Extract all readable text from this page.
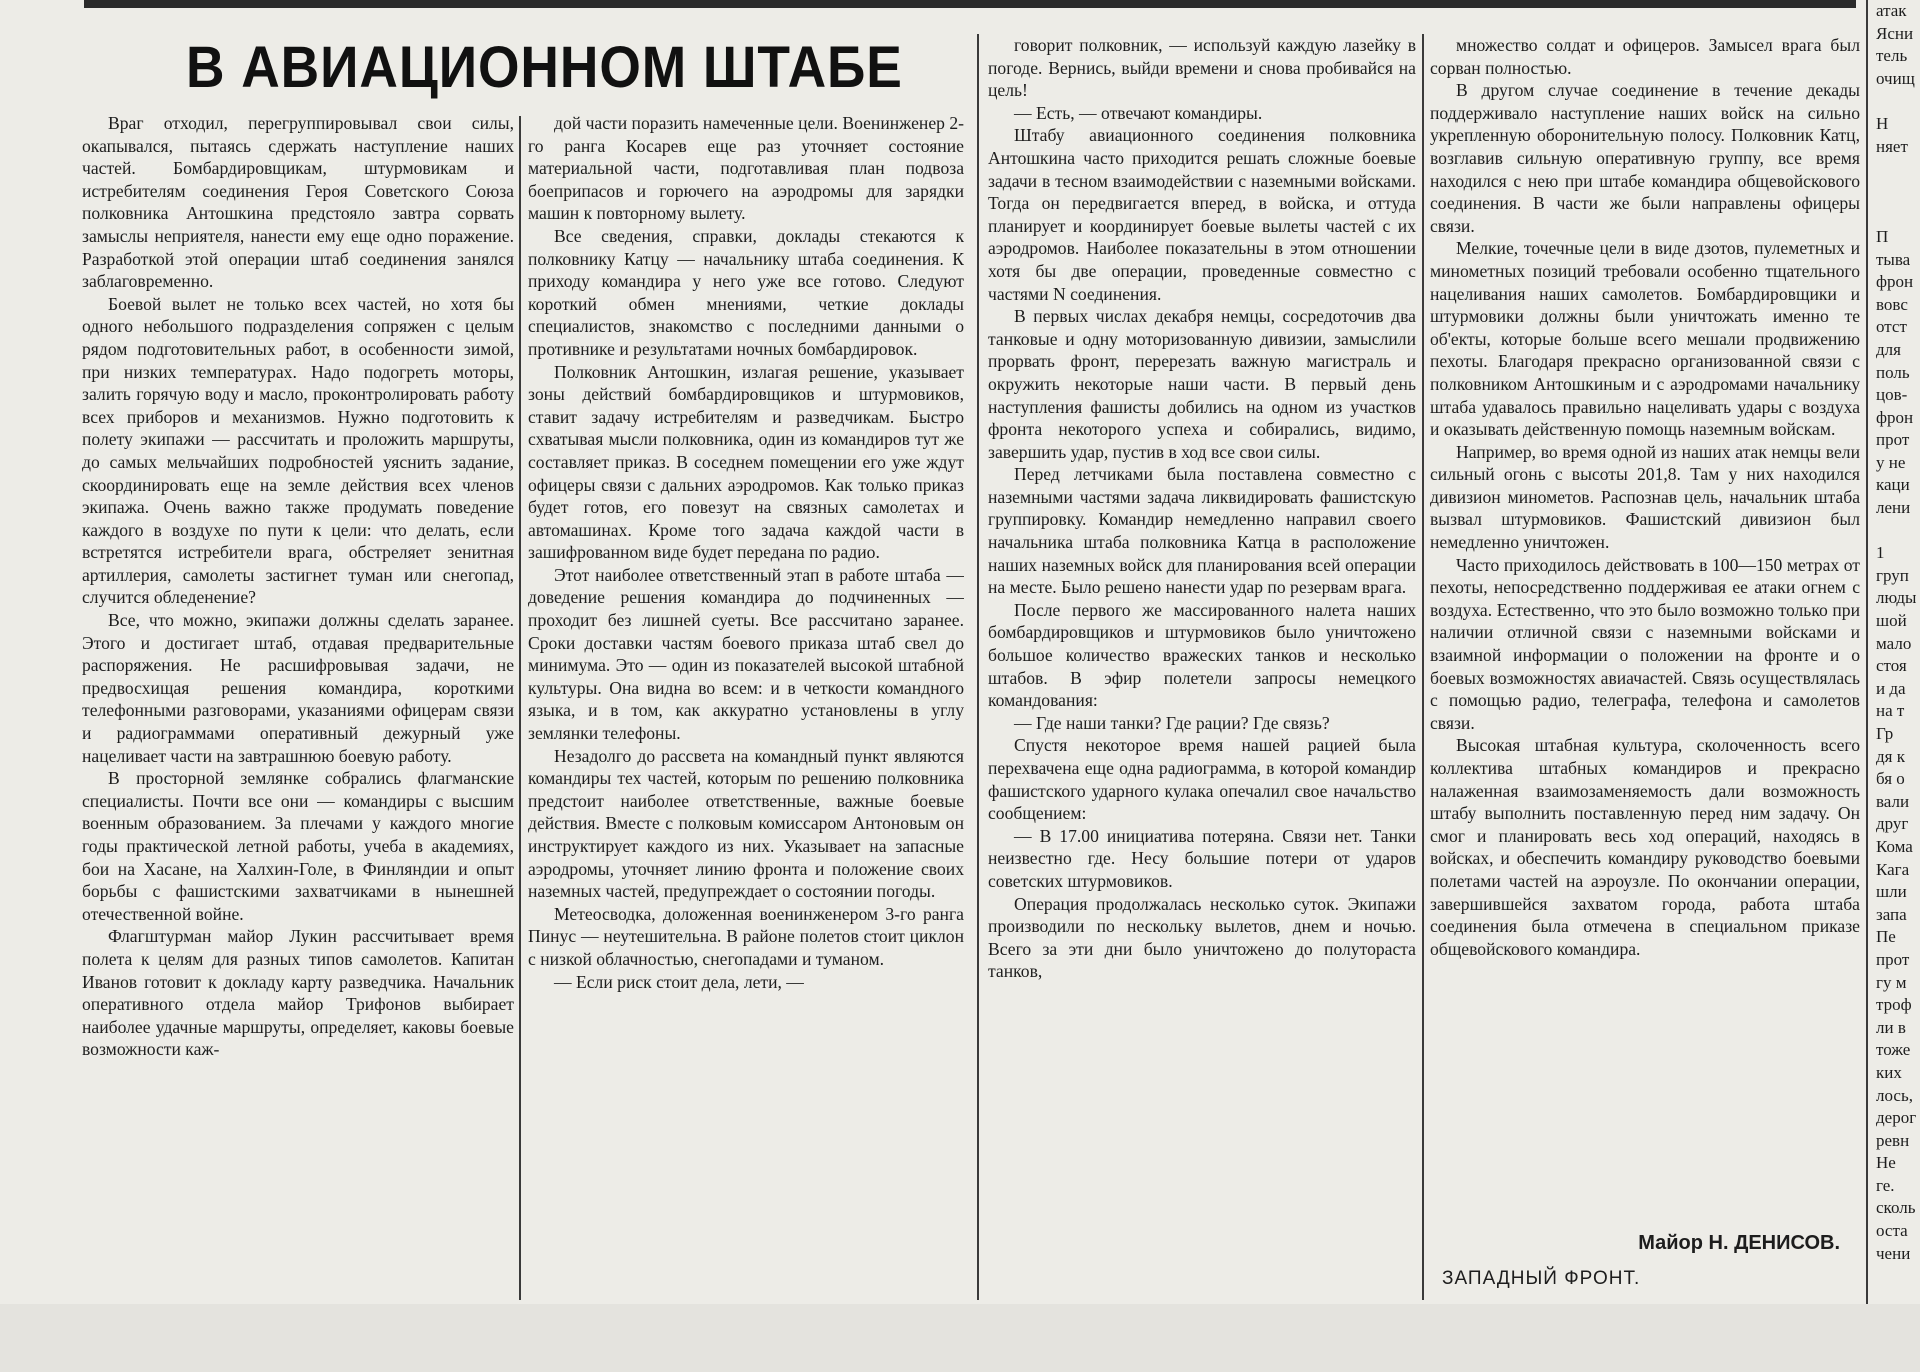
В АВИАЦИОННОМ ШТАБЕ

Враг отходил, перегруппировывал свои силы, окапывался, пытаясь сдержать наступление наших частей. Бомбардировщикам, штурмовикам и истребителям соединения Героя Советского Союза полковника Антошкина предстояло завтра сорвать замыслы неприятеля, нанести ему еще одно поражение. Разработкой этой операции штаб соединения занялся заблаговременно.

Боевой вылет не только всех частей, но хотя бы одного небольшого подразделения сопряжен с целым рядом подготовительных работ, в особенности зимой, при низких температурах. Надо подогреть моторы, залить горячую воду и масло, проконтролировать работу всех приборов и механизмов. Нужно подготовить к полету экипажи — рассчитать и проложить маршруты, до самых мельчайших подробностей уяснить задание, скоординировать еще на земле действия всех членов экипажа. Очень важно также продумать поведение каждого в воздухе по пути к цели: что делать, если встретятся истребители врага, обстреляет зенитная артиллерия, самолеты застигнет туман или снегопад, случится обледенение?

Все, что можно, экипажи должны сделать заранее. Этого и достигает штаб, отдавая предварительные распоряжения. Не расшифровывая задачи, не предвосхищая решения командира, короткими телефонными разговорами, указаниями офицерам связи и радиограммами оперативный дежурный уже нацеливает части на завтрашнюю боевую работу.

В просторной землянке собрались флагманские специалисты. Почти все они — командиры с высшим военным образованием. За плечами у каждого многие годы практической летной работы, учеба в академиях, бои на Хасане, на Халхин-Голе, в Финляндии и опыт борьбы с фашистскими захватчиками в нынешней отечественной войне.

Флагштурман майор Лукин рассчитывает время полета к целям для разных типов самолетов. Капитан Иванов готовит к докладу карту разведчика. Начальник оперативного отдела майор Трифонов выбирает наиболее удачные маршруты, определяет, каковы боевые возможности каж-

дой части поразить намеченные цели. Военинженер 2-го ранга Косарев еще раз уточняет состояние материальной части, подготавливая план подвоза боеприпасов и горючего на аэродромы для зарядки машин к повторному вылету.

Все сведения, справки, доклады стекаются к полковнику Катцу — начальнику штаба соединения. К приходу командира у него уже все готово. Следуют короткий обмен мнениями, четкие доклады специалистов, знакомство с последними данными о противнике и результатами ночных бомбардировок.

Полковник Антошкин, излагая решение, указывает зоны действий бомбардировщиков и штурмовиков, ставит задачу истребителям и разведчикам. Быстро схватывая мысли полковника, один из командиров тут же составляет приказ. В соседнем помещении его уже ждут офицеры связи с дальних аэродромов. Как только приказ будет готов, его повезут на связных самолетах и автомашинах. Кроме того задача каждой части в зашифрованном виде будет передана по радио.

Этот наиболее ответственный этап в работе штаба — доведение решения командира до подчиненных — проходит без лишней суеты. Все рассчитано заранее. Сроки доставки частям боевого приказа штаб свел до минимума. Это — один из показателей высокой штабной культуры. Она видна во всем: и в четкости командного языка, и в том, как аккуратно установлены в углу землянки телефоны.

Незадолго до рассвета на командный пункт являются командиры тех частей, которым по решению полковника предстоит наиболее ответственные, важные боевые действия. Вместе с полковым комиссаром Антоновым он инструктирует каждого из них. Указывает на запасные аэродромы, уточняет линию фронта и положение своих наземных частей, предупреждает о состоянии погоды.

Метеосводка, доложенная военинженером 3-го ранга Пинус — неутешительна. В районе полетов стоит циклон с низкой облачностью, снегопадами и туманом.

— Если риск стоит дела, лети, —

говорит полковник, — используй каждую лазейку в погоде. Вернись, выйди времени и снова пробивайся на цель!

— Есть, — отвечают командиры.

Штабу авиационного соединения полковника Антошкина часто приходится решать сложные боевые задачи в тесном взаимодействии с наземными войсками. Тогда он передвигается вперед, в войска, и оттуда планирует и координирует боевые вылеты частей с их аэродромов. Наиболее показательны в этом отношении хотя бы две операции, проведенные совместно с частями N соединения.

В первых числах декабря немцы, сосредоточив два танковые и одну моторизованную дивизии, замыслили прорвать фронт, перерезать важную магистраль и окружить некоторые наши части. В первый день наступления фашисты добились на одном из участков фронта некоторого успеха и собирались, видимо, завершить удар, пустив в ход все свои силы.

Перед летчиками была поставлена совместно с наземными частями задача ликвидировать фашистскую группировку. Командир немедленно направил своего начальника штаба полковника Катца в расположение наших наземных войск для планирования всей операции на месте. Было решено нанести удар по резервам врага.

После первого же массированного налета наших бомбардировщиков и штурмовиков было уничтожено большое количество вражеских танков и несколько штабов. В эфир полетели запросы немецкого командования:

— Где наши танки? Где рации? Где связь?

Спустя некоторое время нашей рацией была перехвачена еще одна радиограмма, в которой командир фашистского ударного кулака опечалил свое начальство сообщением:

— В 17.00 инициатива потеряна. Связи нет. Танки неизвестно где. Несу большие потери от ударов советских штурмовиков.

Операция продолжалась несколько суток. Экипажи производили по нескольку вылетов, днем и ночью. Всего за эти дни было уничтожено до полутораста танков,

множество солдат и офицеров. Замысел врага был сорван полностью.

В другом случае соединение в течение декады поддерживало наступление наших войск на сильно укрепленную оборонительную полосу. Полковник Катц, возглавив сильную оперативную группу, все время находился с нею при штабе командира общевойскового соединения. В части же были направлены офицеры связи.

Мелкие, точечные цели в виде дзотов, пулеметных и минометных позиций требовали особенно тщательного нацеливания наших самолетов. Бомбардировщики и штурмовики должны были уничтожать именно те об'екты, которые больше всего мешали продвижению пехоты. Благодаря прекрасно организованной связи с полковником Антошкиным и с аэродромами начальнику штаба удавалось правильно нацеливать удары с воздуха и оказывать действенную помощь наземным войскам.

Например, во время одной из наших атак немцы вели сильный огонь с высоты 201,8. Там у них находился дивизион минометов. Распознав цель, начальник штаба вызвал штурмовиков. Фашистский дивизион был немедленно уничтожен.

Часто приходилось действовать в 100—150 метрах от пехоты, непосредственно поддерживая ее атаки огнем с воздуха. Естественно, что это было возможно только при наличии отличной связи с наземными войсками и взаимной информации о положении на фронте и о боевых возможностях авиачастей. Связь осуществлялась с помощью радио, телеграфа, телефона и самолетов связи.

Высокая штабная культура, сколоченность всего коллектива штабных командиров и прекрасно налаженная взаимозаменяемость дали возможность штабу выполнить поставленную перед ним задачу. Он смог и планировать весь ход операций, находясь в войсках, и обеспечить командиру руководство боевыми полетами частей на аэроузле. По окончании операции, завершившейся захватом города, работа штаба соединения была отмечена в специальном приказе общевойскового командира.

Майор Н. ДЕНИСОВ.
ЗАПАДНЫЙ ФРОНТ.
атак
Ясни
тель
очищ
Н
няет
П
тыва
фрон
вовс
отст
для
поль
цов-
фрон
прот
у не
каци
лени
1
груп
люды
шой
мало
стоя
и да
на т
Гр
дя к
бя о
вали
друг
Кома
Кага
шли
запа
Пе
прот
гу м
троф
ли в
тоже
ких
лось,
дерог
ревн
Не
ге.
сколь
оста
чени
